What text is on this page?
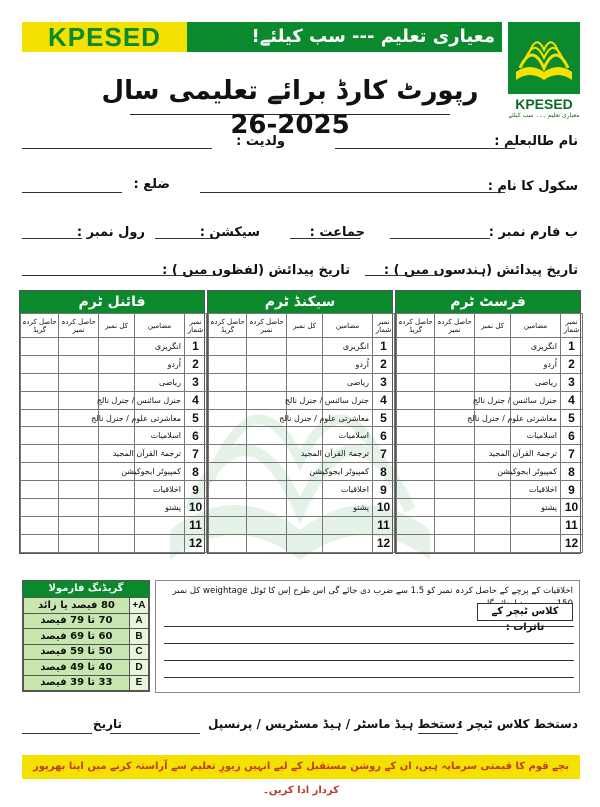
KPESED	معیاری تعلیم --- سب کیلئے!
KPESED
معیاری تعلیم ۔۔۔ سب کیلئے
رپورٹ کارڈ برائے تعلیمی سال 2025-26
نام طالبعلم :
ولدیت :
سکول کا نام :
ضلع :
ب فارم نمبر :
جماعت :
سیکشن :
رول نمبر :
تاریخ پیدائش (ہندسوں میں ) :
تاریخ پیدائش (لفظوں میں ) :
فرسٹ ٹرم
نمبر شمار	مضامین	کل نمبر	حاصل کردہ نمبر	حاصل کردہ گریڈ
1	انگریزی			
2	اُردو			
3	ریاضی			
4	جنرل سائنس / جنرل نالج			
5	معاشرتی علوم / جنرل نالج			
6	اسلامیات			
7	ترجمۃ القرآن المجید			
8	کمپیوٹر ایجوکیشن			
9	اخلاقیات			
10	پشتو			
11				
12				
سیکنڈ ٹرم
نمبر شمار	مضامین	کل نمبر	حاصل کردہ نمبر	حاصل کردہ گریڈ
1	انگریزی			
2	اُردو			
3	ریاضی			
4	جنرل سائنس / جنرل نالج			
5	معاشرتی علوم / جنرل نالج			
6	اسلامیات			
7	ترجمۃ القرآن المجید			
8	کمپیوٹر ایجوکیشن			
9	اخلاقیات			
10	پشتو			
11				
12				
فائنل ٹرم
نمبر شمار	مضامین	کل نمبر	حاصل کردہ نمبر	حاصل کردہ گریڈ
1	انگریزی			
2	اُردو			
3	ریاضی			
4	جنرل سائنس / جنرل نالج			
5	معاشرتی علوم / جنرل نالج			
6	اسلامیات			
7	ترجمۃ القرآن المجید			
8	کمپیوٹر ایجوکیشن			
9	اخلاقیات			
10	پشتو			
11				
12				
گریڈنگ فارمولا
A+	80 فیصد یا زائد
A	70 تا 79 فیصد
B	60 تا 69 فیصد
C	50 تا 59 فیصد
D	40 تا 49 فیصد
E	33 تا 39 فیصد
اخلاقیات کے پرچے کے حاصل کردہ نمبر کو 1.5 سے ضرب دی جائے گی اس طرح اِس کا ٹوٹل weightage کل نمبر
کلاس ٹیچر کے تاثرات :
دستخط کلاس ٹیچر :
دستخط ہیڈ ماسٹر / ہیڈ مسٹریس / پرنسپل
تاریخ
بچے قوم کا قیمتی سرمایہ ہیں، ان کے روشن مستقبل کے لیے انہیں زیورِ تعلیم سے آراستہ کرنے میں اپنا بھرپور کردار ادا کریں۔
